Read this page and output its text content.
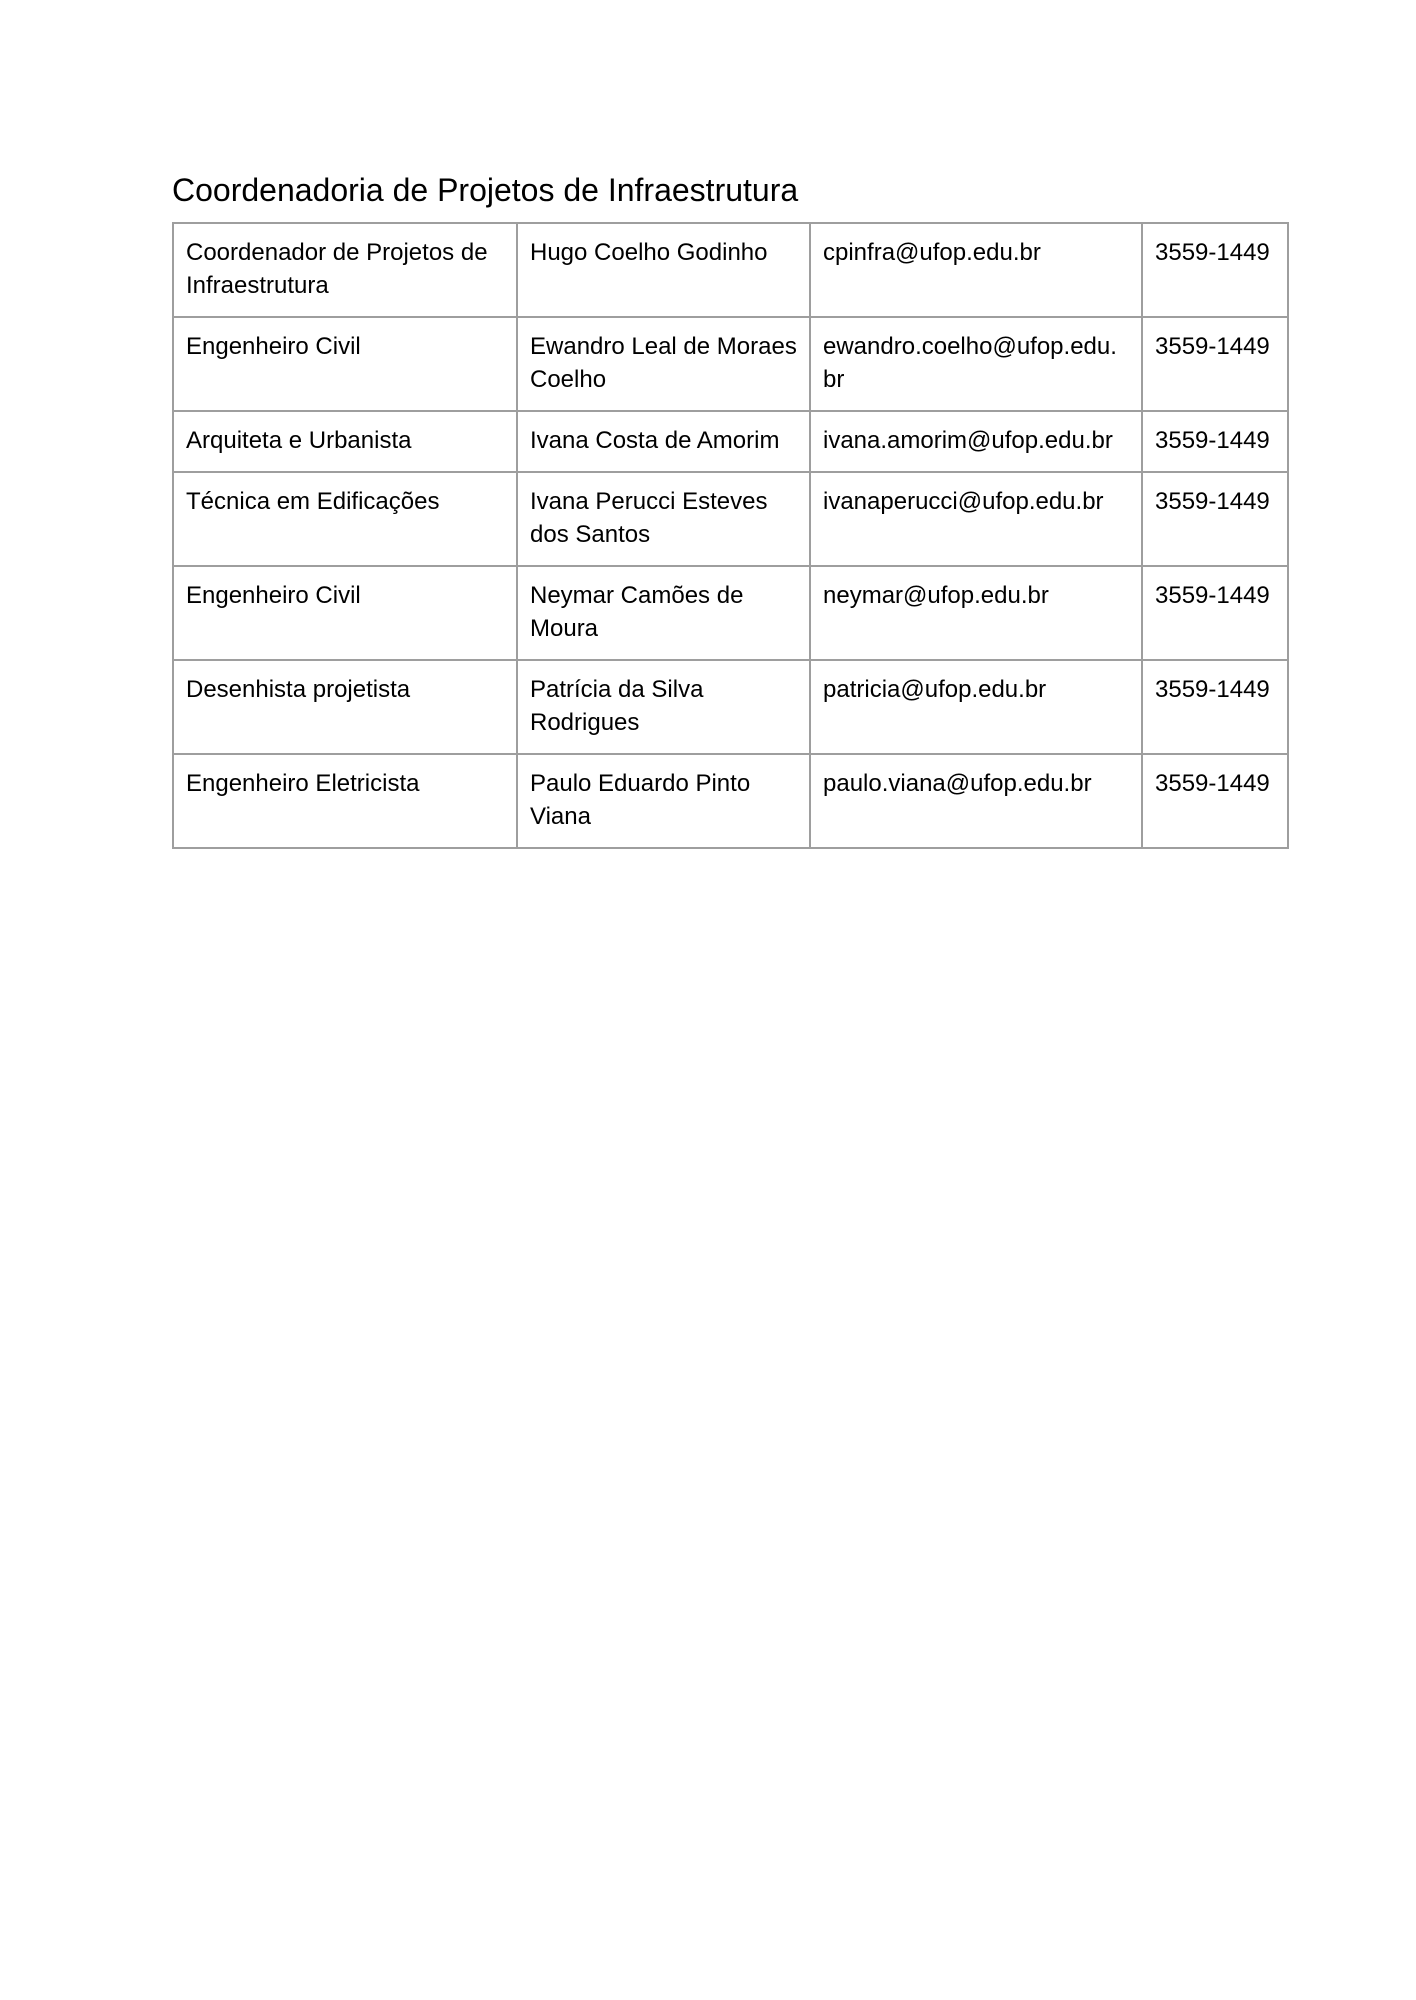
Coordenadoria de Projetos de Infraestrutura
Coordenador de Projetos de Infraestrutura	Hugo Coelho Godinho	cpinfra@ufop.edu.br	3559-1449
Engenheiro Civil	Ewandro Leal de Moraes Coelho	ewandro.coelho@ufop.edu.br	3559-1449
Arquiteta e Urbanista	Ivana Costa de Amorim	ivana.amorim@ufop.edu.br	3559-1449
Técnica em Edificações	Ivana Perucci Esteves dos Santos	ivanaperucci@ufop.edu.br	3559-1449
Engenheiro Civil	Neymar Camões de Moura	neymar@ufop.edu.br	3559-1449
Desenhista projetista	Patrícia da Silva Rodrigues	patricia@ufop.edu.br	3559-1449
Engenheiro Eletricista	Paulo Eduardo Pinto Viana	paulo.viana@ufop.edu.br	3559-1449
